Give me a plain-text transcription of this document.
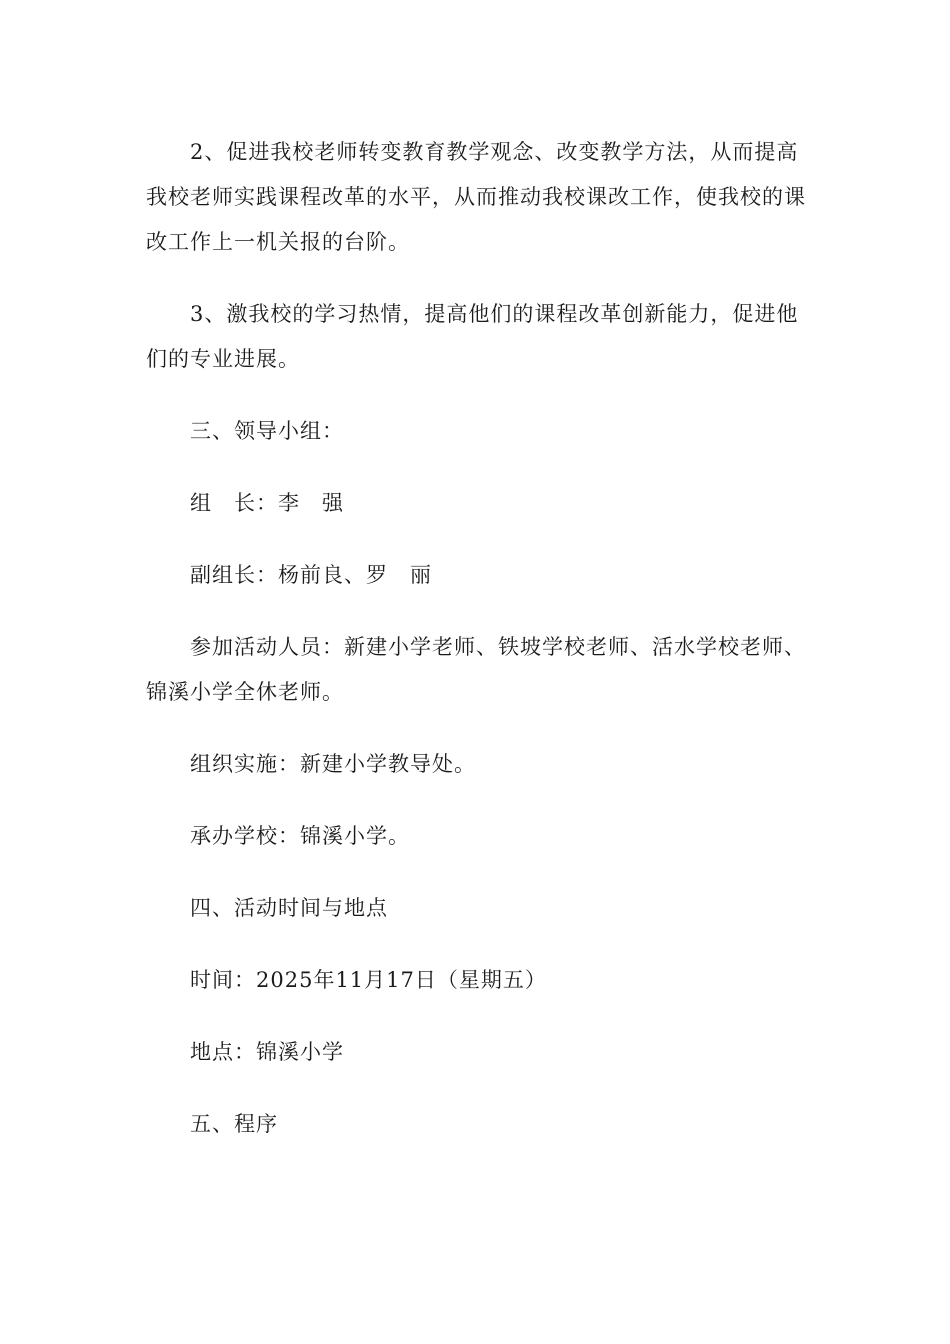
2、促进我校老师转变教育教学观念、改变教学方法，从而提高我校老师实践课程改革的水平，从而推动我校课改工作，使我校的课改工作上一机关报的台阶。

3、激我校的学习热情，提高他们的课程改革创新能力，促进他们的专业进展。

三、领导小组：

组　长：李　强

副组长：杨前良、罗　丽

参加活动人员：新建小学老师、铁坡学校老师、活水学校老师、锦溪小学全休老师。

组织实施：新建小学教导处。

承办学校：锦溪小学。

四、活动时间与地点

时间：2025年11月17日（星期五）

地点：锦溪小学

五、程序
